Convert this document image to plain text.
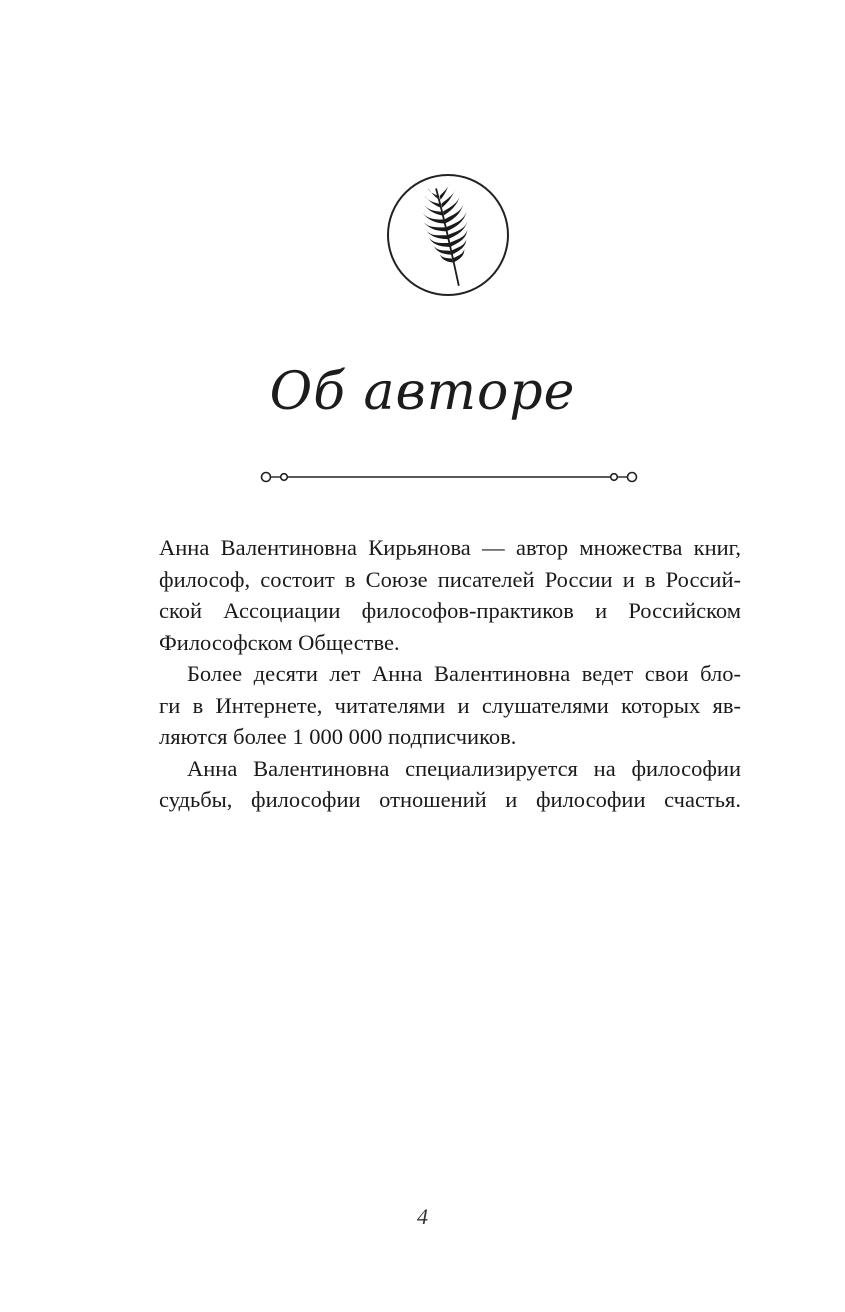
Об авторе

Анна Валентиновна Кирьянова — автор множества книг,
философ, состоит в Союзе писателей России и в Россий-
ской Ассоциации философов-практиков и Российском
Философском Обществе.

Более десяти лет Анна Валентиновна ведет свои бло-
ги в Интернете, читателями и слушателями которых яв-
ляются более 1 000 000 подписчиков.

Анна Валентиновна специализируется на философии
судьбы, философии отношений и философии счастья.

4
